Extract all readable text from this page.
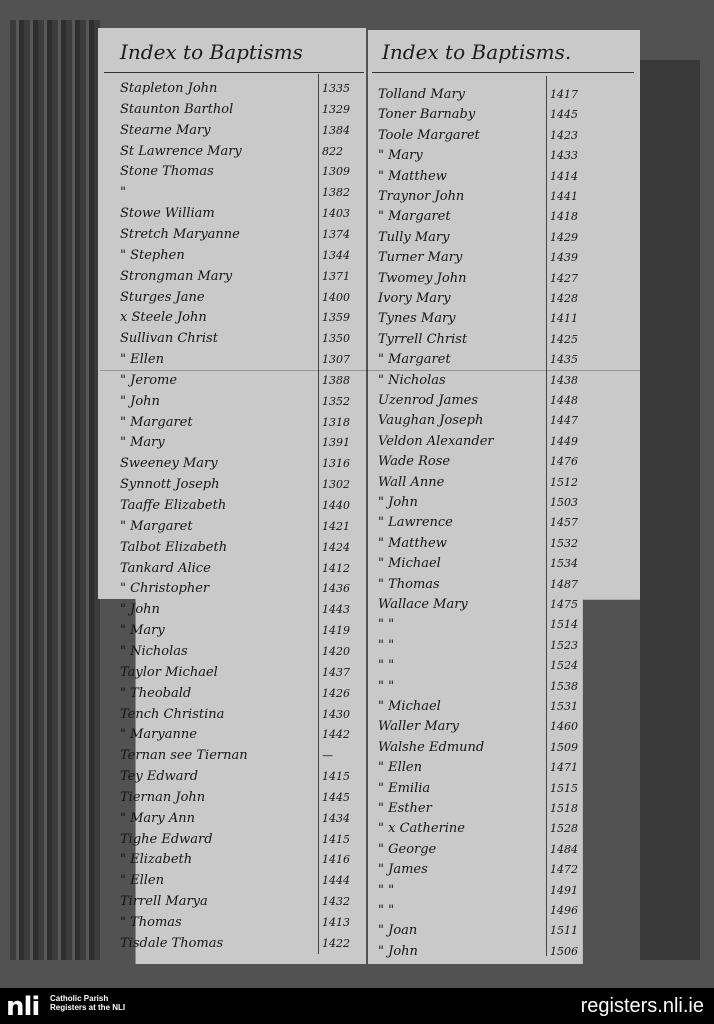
Index to Baptisms	Index to Baptisms.
Stapleton John	1335
Staunton Barthol	1329
Stearne Mary	1384
St Lawrence Mary	822
Stone Thomas	1309
"	1382
Stowe William	1403
Stretch Maryanne	1374
" Stephen	1344
Strongman Mary	1371
Sturges Jane	1400
x Steele John	1359
Sullivan Christ	1350
" Ellen	1307
" Jerome	1388
" John	1352
" Margaret	1318
" Mary	1391
Sweeney Mary	1316
Synnott Joseph	1302
Taaffe Elizabeth	1440
" Margaret	1421
Talbot Elizabeth	1424
Tankard Alice	1412
" Christopher	1436
" John	1443
" Mary	1419
" Nicholas	1420
Taylor Michael	1437
" Theobald	1426
Tench Christina	1430
" Maryanne	1442
Ternan see Tiernan	—
Tey Edward	1415
Tiernan John	1445
" Mary Ann	1434
Tighe Edward	1415
" Elizabeth	1416
" Ellen	1444
Tirrell Marya	1432
" Thomas	1413
Tisdale Thomas	1422
Tolland Mary	1417
Toner Barnaby	1445
Toole Margaret	1423
" Mary	1433
" Matthew	1414
Traynor John	1441
" Margaret	1418
Tully Mary	1429
Turner Mary	1439
Twomey John	1427
Ivory Mary	1428
Tynes Mary	1411
Tyrrell Christ	1425
" Margaret	1435
" Nicholas	1438
Uzenrod James	1448
Vaughan Joseph	1447
Veldon Alexander	1449
Wade Rose	1476
Wall Anne	1512
" John	1503
" Lawrence	1457
" Matthew	1532
" Michael	1534
" Thomas	1487
Wallace Mary	1475
" "	1514
" "	1523
" "	1524
" "	1538
" Michael	1531
Waller Mary	1460
Walshe Edmund	1509
" Ellen	1471
" Emilia	1515
" Esther	1518
" x Catherine	1528
" George	1484
" James	1472
" "	1491
" "	1496
" Joan	1511
" John	1506
nli Catholic Parish Registers at the NLI	registers.nli.ie
